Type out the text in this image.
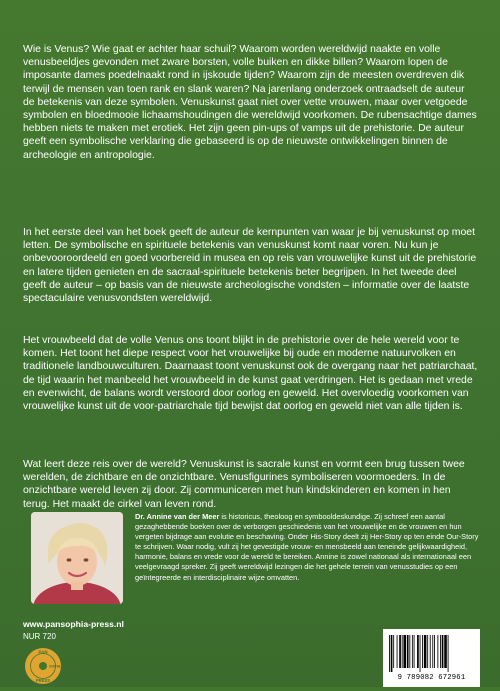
Wie is Venus? Wie gaat er achter haar schuil? Waarom worden wereldwijd naakte en volle venusbeeldjes gevonden met zware borsten, volle buiken en dikke billen? Waarom lopen de imposante dames poedelnaakt rond in ijskoude tijden? Waarom zijn de meesten overdreven dik terwijl de mensen van toen rank en slank waren? Na jarenlang onderzoek ontraadselt de auteur de betekenis van deze symbolen. Venuskunst gaat niet over vette vrouwen, maar over vetgoede symbolen en bloedmooie lichaamshoudingen die wereldwijd voorkomen. De rubensachtige dames hebben niets te maken met erotiek. Het zijn geen pin-ups of vamps uit de prehistorie. De auteur geeft een symbolische verklaring die gebaseerd is op de nieuwste ontwikkelingen binnen de archeologie en antropologie.

In het eerste deel van het boek geeft de auteur de kernpunten van waar je bij venuskunst op moet letten. De symbolische en spirituele betekenis van venuskunst komt naar voren. Nu kun je onbevooroordeeld en goed voorbereid in musea en op reis van vrouwelijke kunst uit de prehistorie en latere tijden genieten en de sacraal-spirituele betekenis beter begrijpen. In het tweede deel geeft de auteur – op basis van de nieuwste archeologische vondsten – informatie over de laatste spectaculaire venusvondsten wereldwijd.

Het vrouwbeeld dat de volle Venus ons toont blijkt in de prehistorie over de hele wereld voor te komen. Het toont het diepe respect voor het vrouwelijke bij oude en moderne natuurvolken en traditionele landbouwculturen. Daarnaast toont venuskunst ook de overgang naar het patriarchaat, de tijd waarin het manbeeld het vrouwbeeld in de kunst gaat verdringen. Het is gedaan met vrede en evenwicht, de balans wordt verstoord door oorlog en geweld. Het overvloedig voorkomen van vrouwelijke kunst uit de voor-patriarchale tijd bewijst dat oorlog en geweld niet van alle tijden is.

Wat leert deze reis over de wereld? Venuskunst is sacrale kunst en vormt een brug tussen twee werelden, de zichtbare en de onzichtbare. Venusfigurines symboliseren voormoeders. In de onzichtbare wereld leven zij door. Zij communiceren met hun kindskinderen en komen in hen terug. Het maakt de cirkel van leven rond.

Dr. Annine van der Meer is historicus, theoloog en symbooldeskundige. Zij schreef een aantal gezaghebbende boeken over de verborgen geschiedenis van het vrouwelijke en de vrouwen en hun vergeten bijdrage aan evolutie en beschaving. Onder His-Story deelt zij Her-Story op ten einde Our-Story te schrijven. Waar nodig, vult zij het gevestigde vrouw- en mensbeeld aan teneinde gelijkwaardigheid, harmonie, balans en vrede voor de wereld te bereiken. Annine is zowel nationaal als internationaal een veelgevraagd spreker. Zij geeft wereldwijd lezingen die het gehele terrein van venusstudies op een geïntegreerde en interdisciplinaire wijze omvatten.

www.pansophia-press.nl
NUR 720
PAN
SOPHIA
PRESS	9 789082 672961
